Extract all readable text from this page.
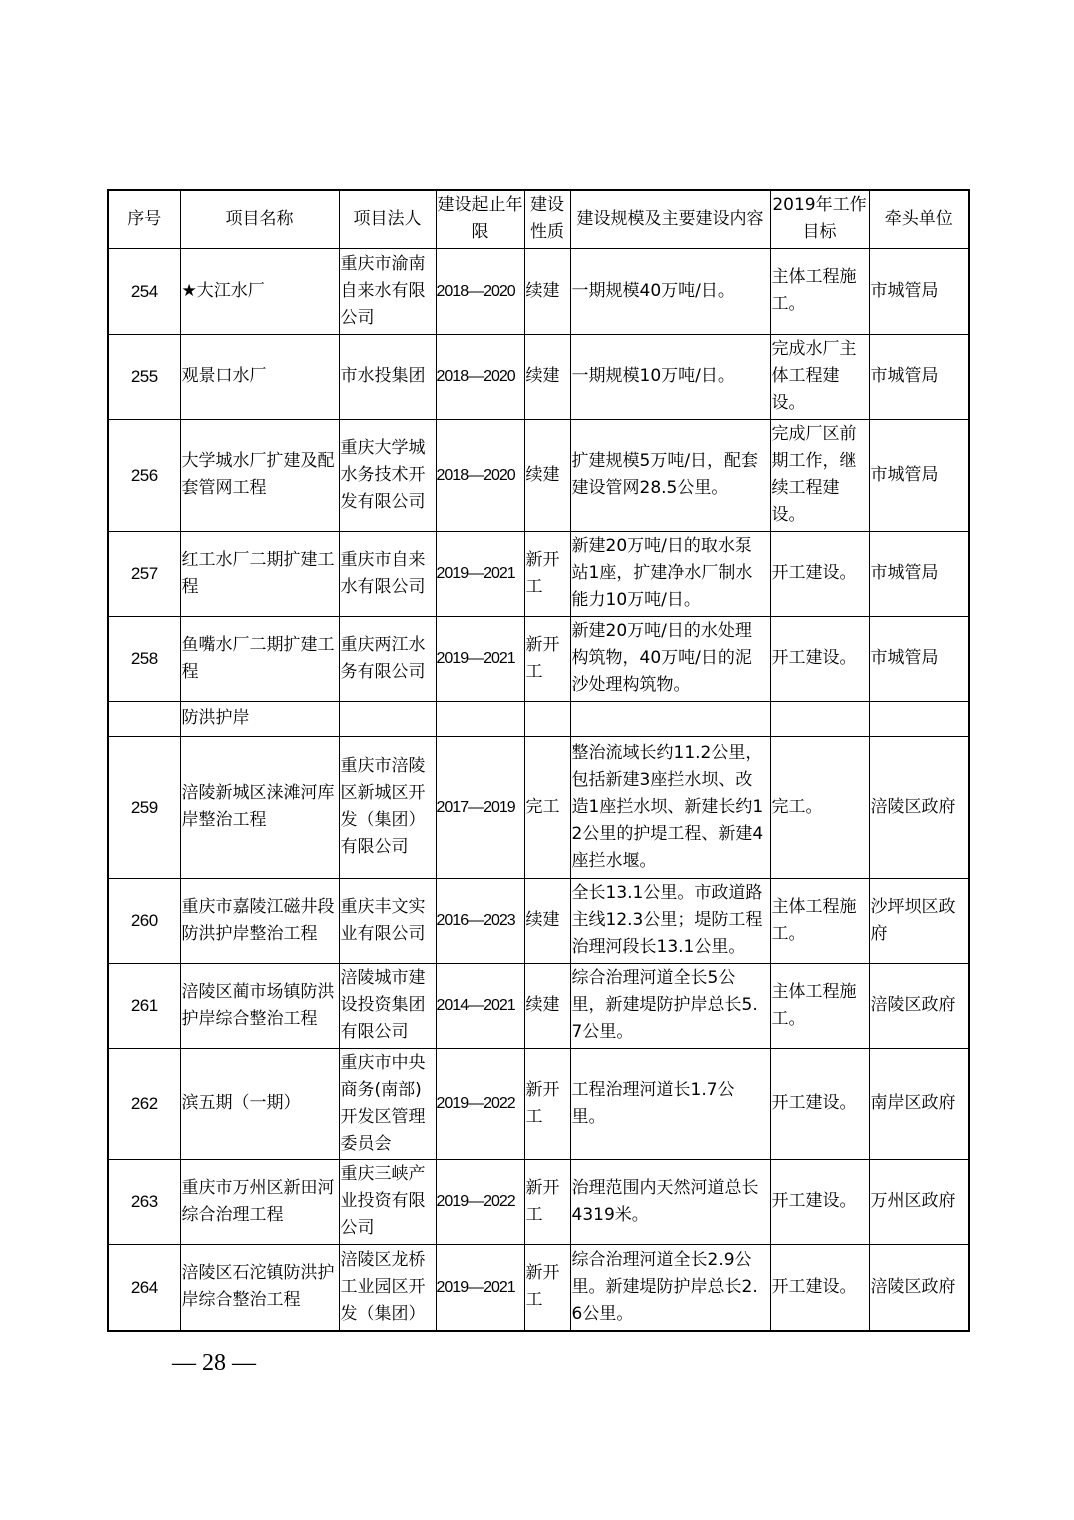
序号	项目名称	项目法人	建设起止年限	建设性质	建设规模及主要建设内容	2019年工作目标	牵头单位
254	★大江水厂	重庆市渝南自来水有限公司	2018—2020	续建	一期规模40万吨/日。	主体工程施工。	市城管局
255	观景口水厂	市水投集团	2018—2020	续建	一期规模10万吨/日。	完成水厂主体工程建设。	市城管局
256	大学城水厂扩建及配套管网工程	重庆大学城水务技术开发有限公司	2018—2020	续建	扩建规模5万吨/日，配套建设管网28.5公里。	完成厂区前期工作，继续工程建设。	市城管局
257	红工水厂二期扩建工程	重庆市自来水有限公司	2019—2021	新开工	新建20万吨/日的取水泵站1座，扩建净水厂制水能力10万吨/日。	开工建设。	市城管局
258	鱼嘴水厂二期扩建工程	重庆两江水务有限公司	2019—2021	新开工	新建20万吨/日的水处理构筑物，40万吨/日的泥沙处理构筑物。	开工建设。	市城管局
	防洪护岸						
259	涪陵新城区涞滩河库岸整治工程	重庆市涪陵区新城区开发（集团）有限公司	2017—2019	完工	整治流域长约11.2公里，包括新建3座拦水坝、改造1座拦水坝、新建长约12公里的护堤工程、新建4座拦水堰。	完工。	涪陵区政府
260	重庆市嘉陵江磁井段防洪护岸整治工程	重庆丰文实业有限公司	2016—2023	续建	全长13.1公里。市政道路主线12.3公里；堤防工程治理河段长13.1公里。	主体工程施工。	沙坪坝区政府
261	涪陵区蔺市场镇防洪护岸综合整治工程	涪陵城市建设投资集团有限公司	2014—2021	续建	综合治理河道全长5公里，新建堤防护岸总长5.7公里。	主体工程施工。	涪陵区政府
262	滨五期（一期）	重庆市中央商务(南部)开发区管理委员会	2019—2022	新开工	工程治理河道长1.7公里。	开工建设。	南岸区政府
263	重庆市万州区新田河综合治理工程	重庆三峡产业投资有限公司	2019—2022	新开工	治理范围内天然河道总长4319米。	开工建设。	万州区政府
264	涪陵区石沱镇防洪护岸综合整治工程	涪陵区龙桥工业园区开发（集团）	2019—2021	新开工	综合治理河道全长2.9公里。新建堤防护岸总长2.6公里。	开工建设。	涪陵区政府
— 28 —
